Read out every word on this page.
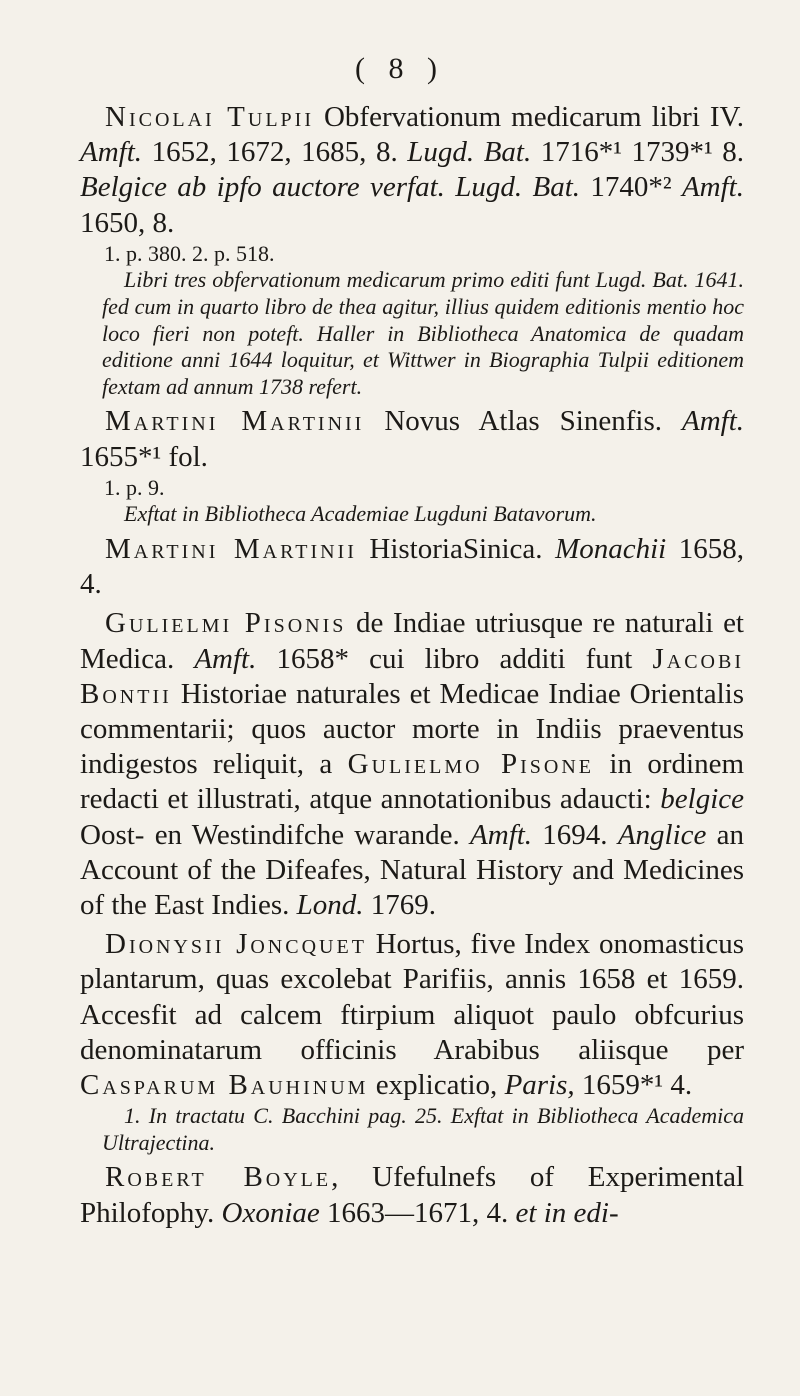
( 8 )

Nicolai Tulpii Obfervationum medicarum libri IV. Amft. 1652, 1672, 1685, 8. Lugd. Bat. 1716*¹ 1739*¹ 8. Belgice ab ipfo auctore verfat. Lugd. Bat. 1740*² Amft. 1650, 8.

1. p. 380. 2. p. 518.

Libri tres obfervationum medicarum primo editi funt Lugd. Bat. 1641. fed cum in quarto libro de thea agitur, illius quidem editionis mentio hoc loco fieri non poteft. Haller in Bibliotheca Anatomica de quadam editione anni 1644 loquitur, et Wittwer in Biographia Tulpii editionem fextam ad annum 1738 refert.

Martini Martinii Novus Atlas Sinenfis. Amft. 1655*¹ fol.

1. p. 9.

Exftat in Bibliotheca Academiae Lugduni Batavorum.

Martini Martinii HistoriaSinica. Monachii 1658, 4.

Gulielmi Pisonis de Indiae utriusque re naturali et Medica. Amft. 1658* cui libro additi funt Jacobi Bontii Historiae naturales et Medicae Indiae Orientalis commentarii; quos auctor morte in Indiis praeventus indigestos reliquit, a Gulielmo Pisone in ordinem redacti et illustrati, atque annotationibus adaucti: belgice Oost- en Westindifche warande. Amft. 1694. Anglice an Account of the Difeafes, Natural History and Medicines of the East Indies. Lond. 1769.

Dionysii Joncquet Hortus, five Index onomasticus plantarum, quas excolebat Parifiis, annis 1658 et 1659. Accesfit ad calcem ftirpium aliquot paulo obfcurius denominatarum officinis Arabibus aliisque per Casparum Bauhinum explicatio, Paris, 1659*¹ 4.

1. In tractatu C. Bacchini pag. 25. Exftat in Bibliotheca Academica Ultrajectina.

Robert Boyle, Ufefulnefs of Experimental Philofophy. Oxoniae 1663—1671, 4. et in edi-
